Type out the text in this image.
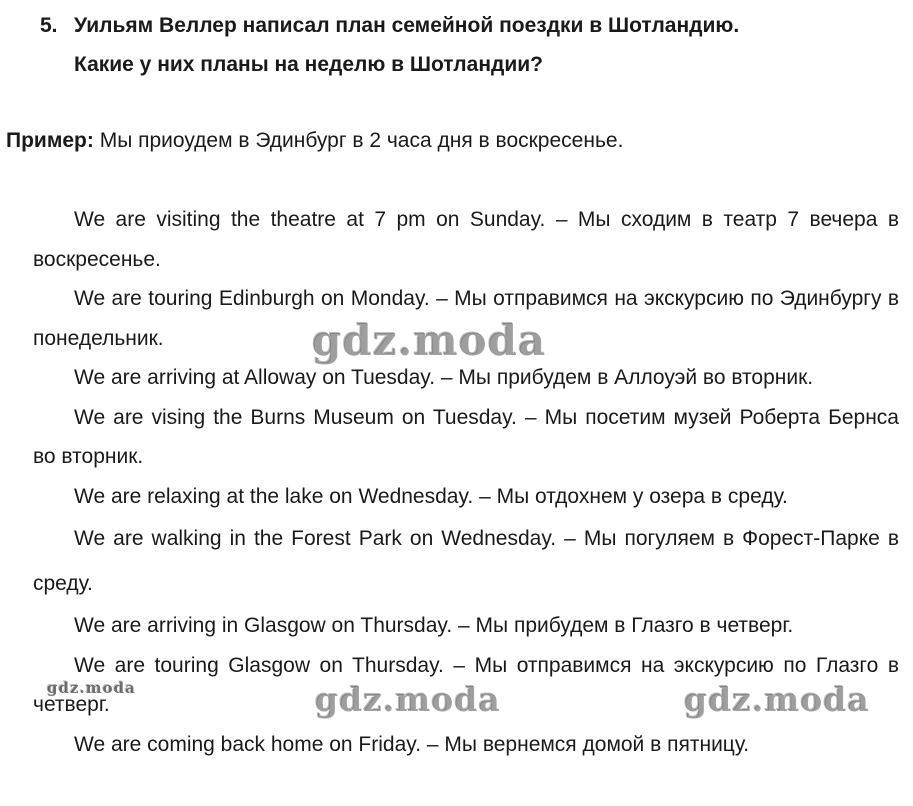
5. Уильям Веллер написал план семейной поездки в Шотландию.
Какие у них планы на неделю в Шотландии?
Пример: Мы приоудем в Эдинбург в 2 часа дня в воскресенье.

We are visiting the theatre at 7 pm on Sunday. – Мы сходим в театр 7 вечера в воскресенье.

We are touring Edinburgh on Monday. – Мы отправимся на экскурсию по Эдинбургу в понедельник.

We are arriving at Alloway on Tuesday. – Мы прибудем в Аллоуэй во вторник.

We are vising the Burns Museum on Tuesday. – Мы посетим музей Роберта Бернса во вторник.

We are relaxing at the lake on Wednesday. – Мы отдохнем у озера в среду.

We are walking in the Forest Park on Wednesday. – Мы погуляем в Форест-Парке в среду.

We are arriving in Glasgow on Thursday. – Мы прибудем в Глазго в четверг.

We are touring Glasgow on Thursday. – Мы отправимся на экскурсию по Глазго в четверг.

We are coming back home on Friday. – Мы вернемся домой в пятницу.

gdz.moda
gdz.moda	gdz.moda
gdz.moda
